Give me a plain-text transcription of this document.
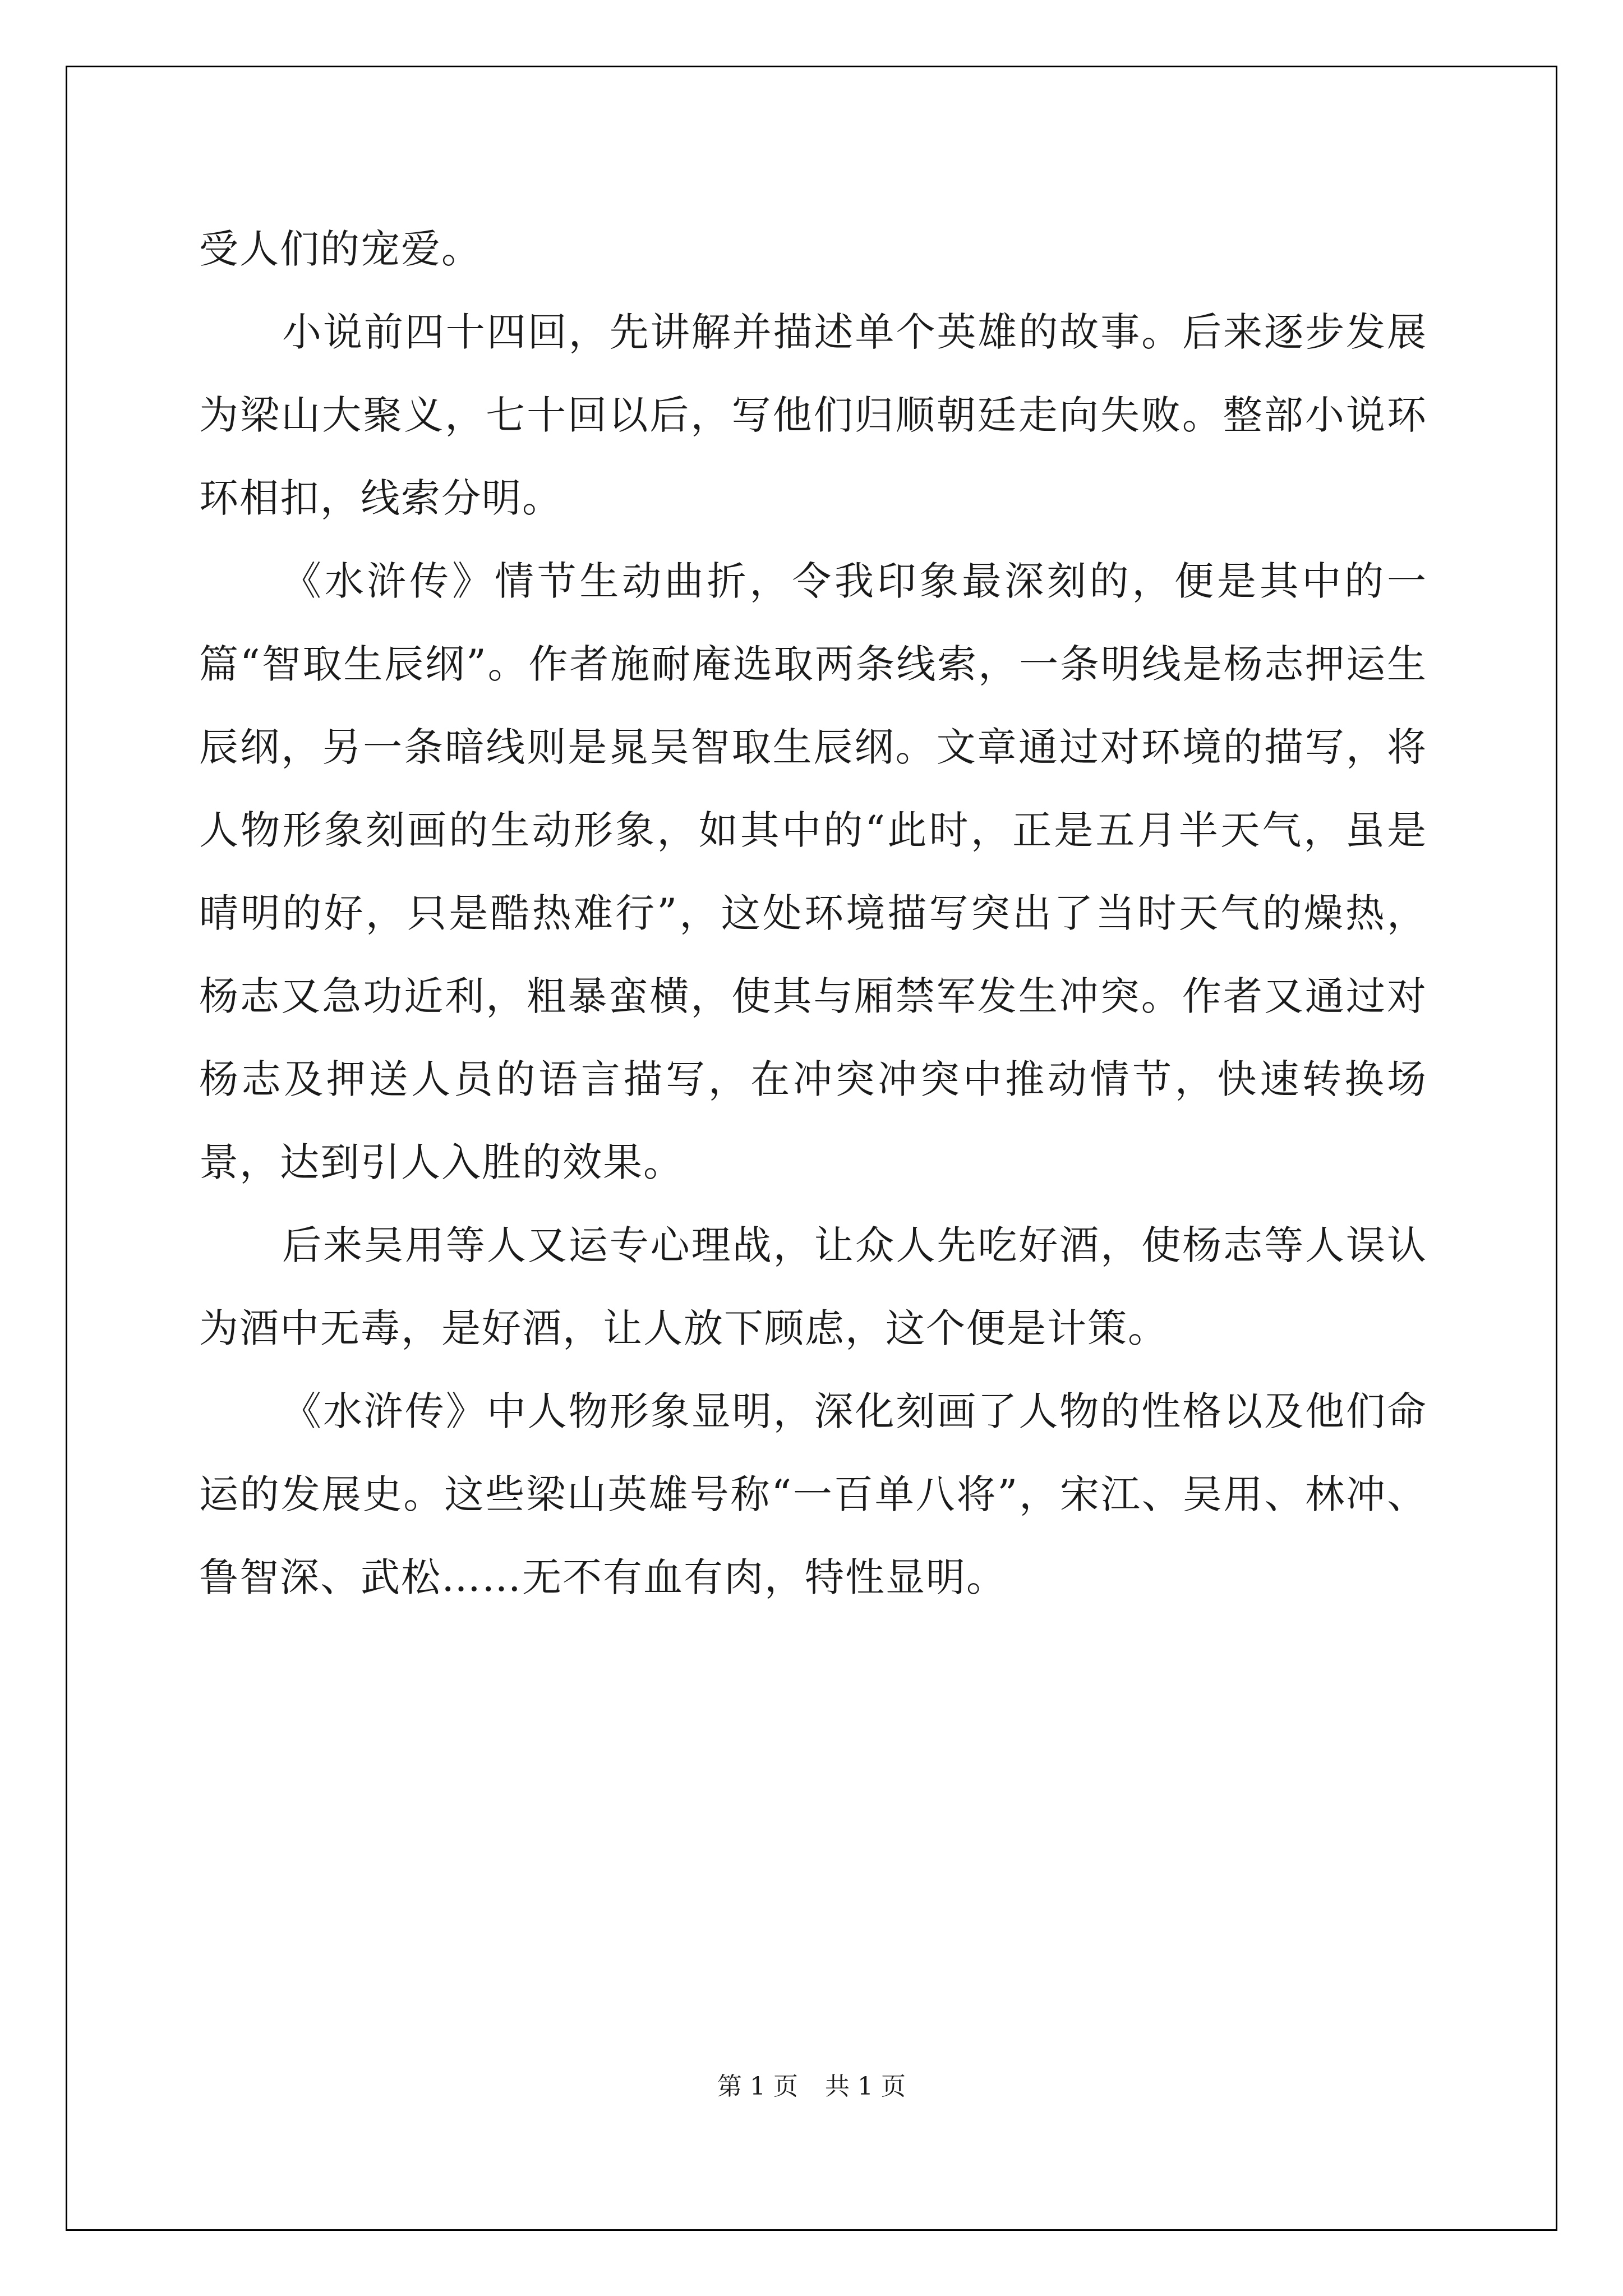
受人们的宠爱。

小说前四十四回，先讲解并描述单个英雄的故事。后来逐步发展为梁山大聚义，七十回以后，写他们归顺朝廷走向失败。整部小说环环相扣，线索分明。

《水浒传》情节生动曲折，令我印象最深刻的，便是其中的一篇“智取生辰纲”。作者施耐庵选取两条线索，一条明线是杨志押运生辰纲，另一条暗线则是晁吴智取生辰纲。文章通过对环境的描写，将人物形象刻画的生动形象，如其中的“此时，正是五月半天气，虽是晴明的好，只是酷热难行”，这处环境描写突出了当时天气的燥热，杨志又急功近利，粗暴蛮横，使其与厢禁军发生冲突。作者又通过对杨志及押送人员的语言描写，在冲突冲突中推动情节，快速转换场景，达到引人入胜的效果。

后来吴用等人又运专心理战，让众人先吃好酒，使杨志等人误认为酒中无毒，是好酒，让人放下顾虑，这个便是计策。

《水浒传》中人物形象显明，深化刻画了人物的性格以及他们命运的发展史。这些梁山英雄号称“一百单八将”，宋江、吴用、林冲、鲁智深、武松……无不有血有肉，特性显明。

第 1 页 共 1 页
